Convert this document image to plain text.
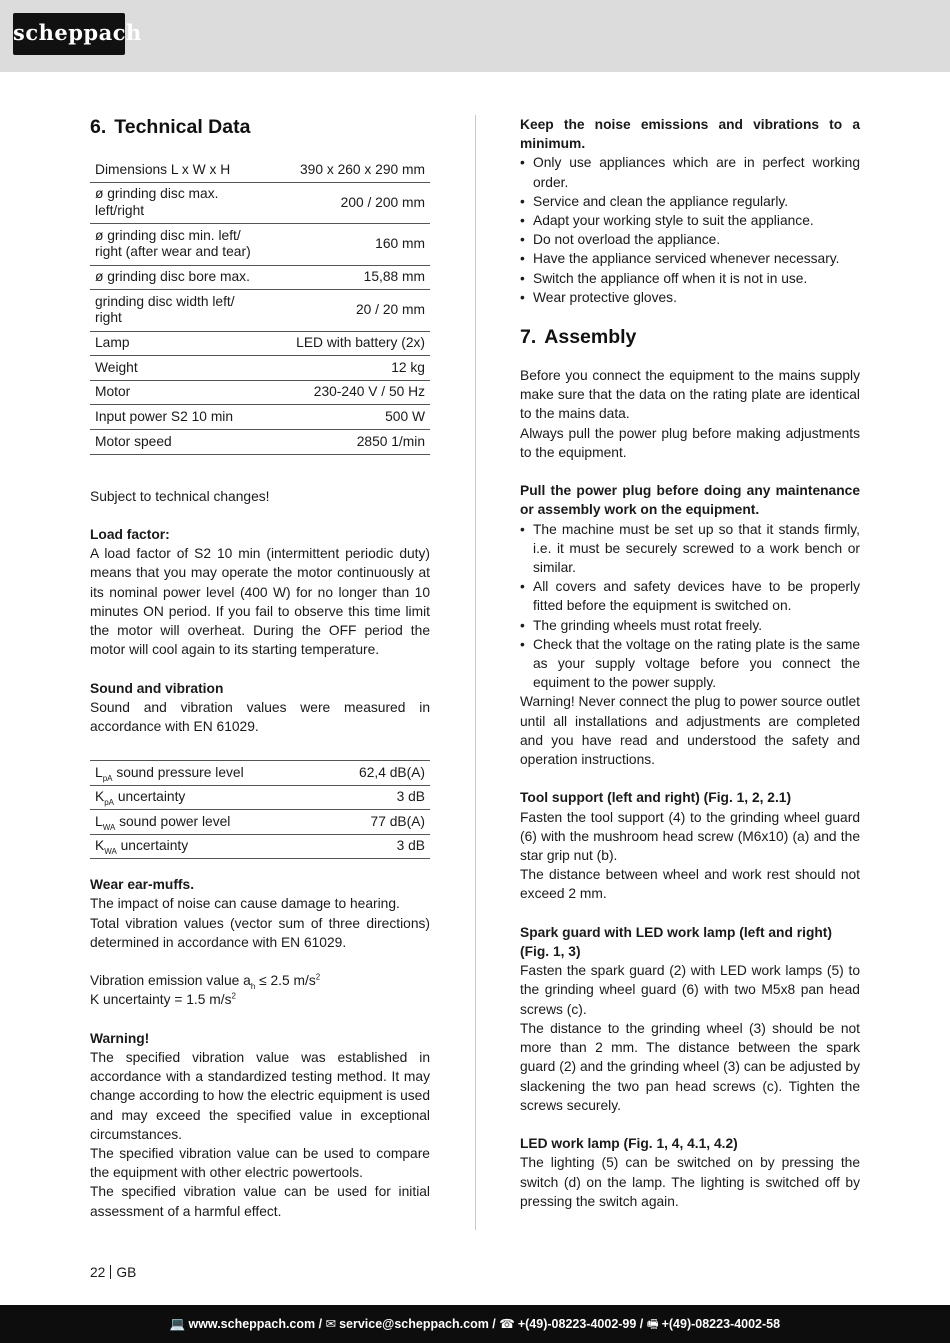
scheppach
6. Technical Data
Dimensions L x W x H	390 x 260 x 290 mm
ø grinding disc max. left/right	200 / 200 mm
ø grinding disc min. left/ right (after wear and tear)	160 mm
ø grinding disc bore max.	15,88 mm
grinding disc width left/ right	20 / 20 mm
Lamp	LED with battery (2x)
Weight	12 kg
Motor	230-240 V / 50 Hz
Input power S2 10 min	500 W
Motor speed	2850 1/min

Subject to technical changes!

Load factor:

A load factor of S2 10 min (intermittent periodic duty) means that you may operate the motor continuously at its nominal power level (400 W) for no longer than 10 minutes ON period. If you fail to observe this time limit the motor will overheat. During the OFF period the motor will cool again to its starting temperature.

Sound and vibration

Sound and vibration values were measured in accordance with EN 61029.

$L_{pA}$ sound pressure level	62,4 dB(A)
$K_{pA}$ uncertainty	3 dB
$L_{WA}$ sound power level	77 dB(A)
$K_{WA}$ uncertainty	3 dB

Wear ear-muffs.

The impact of noise can cause damage to hearing.

Total vibration values (vector sum of three directions) determined in accordance with EN 61029.

Vibration emission value $a_h \le 2.5$ $m/s^2$

K uncertainty = 1.5 $m/s^2$

Warning!

The specified vibration value was established in accordance with a standardized testing method. It may change according to how the electric equipment is used and may exceed the specified value in exceptional circumstances.

The specified vibration value can be used to compare the equipment with other electric powertools.

The specified vibration value can be used for initial assessment of a harmful effect.

Keep the noise emissions and vibrations to a minimum.

• Only use appliances which are in perfect working order.
• Service and clean the appliance regularly.
• Adapt your working style to suit the appliance.
• Do not overload the appliance.
• Have the appliance serviced whenever necessary.
• Switch the appliance off when it is not in use.
• Wear protective gloves.
7. Assembly

Before you connect the equipment to the mains supply make sure that the data on the rating plate are identical to the mains data.

Always pull the power plug before making adjustments to the equipment.

Pull the power plug before doing any maintenance or assembly work on the equipment.

• The machine must be set up so that it stands firmly, i.e. it must be securely screwed to a work bench or similar.
• All covers and safety devices have to be properly fitted before the equipment is switched on.
• The grinding wheels must rotat freely.
• Check that the voltage on the rating plate is the same as your supply voltage before you connect the equiment to the power supply.

Warning! Never connect the plug to power source outlet until all installations and adjustments are completed and you have read and understood the safety and operation instructions.

Tool support (left and right) (Fig. 1, 2, 2.1)

Fasten the tool support (4) to the grinding wheel guard (6) with the mushroom head screw (M6x10) (a) and the star grip nut (b).

The distance between wheel and work rest should not exceed 2 mm.

Spark guard with LED work lamp (left and right) (Fig. 1, 3)

Fasten the spark guard (2) with LED work lamps (5) to the grinding wheel guard (6) with two M5x8 pan head screws (c).

The distance to the grinding wheel (3) should be not more than 2 mm. The distance between the spark guard (2) and the grinding wheel (3) can be adjusted by slackening the two pan head screws (c). Tighten the screws securely.

LED work lamp (Fig. 1, 4, 4.1, 4.2)

The lighting (5) can be switched on by pressing the switch (d) on the lamp. The lighting is switched off by pressing the switch again.

22 GB
💻 www.scheppach.com / ✉ service@scheppach.com / ☎ +(49)-08223-4002-99 / 🖷 +(49)-08223-4002-58
